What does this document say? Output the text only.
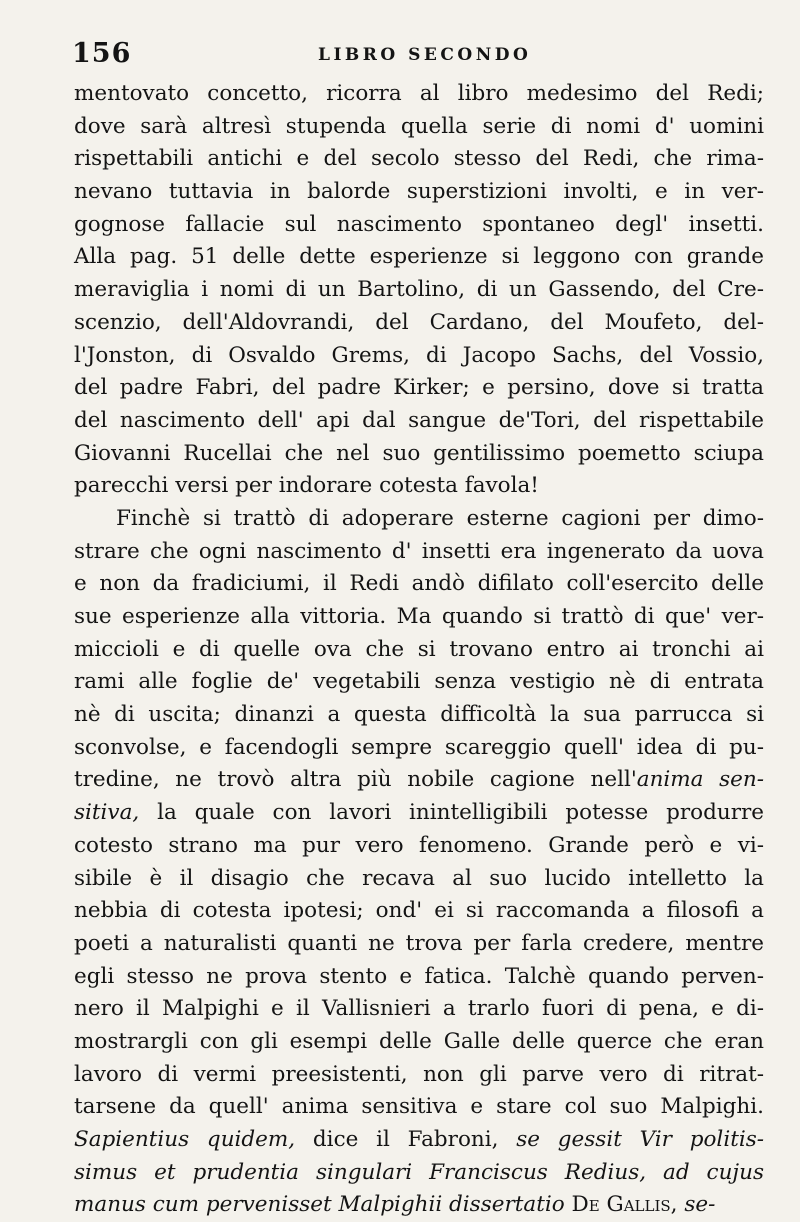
156	LIBRO SECONDO
mentovato concetto, ricorra al libro medesimo del Redi;
dove sarà altresì stupenda quella serie di nomi d' uomini
rispettabili antichi e del secolo stesso del Redi, che rima-
nevano tuttavia in balorde superstizioni involti, e in ver-
gognose fallacie sul nascimento spontaneo degl' insetti.
Alla pag. 51 delle dette esperienze si leggono con grande
meraviglia i nomi di un Bartolino, di un Gassendo, del Cre-
scenzio, dell'Aldovrandi, del Cardano, del Moufeto, del-
l'Jonston, di Osvaldo Grems, di Jacopo Sachs, del Vossio,
del padre Fabri, del padre Kirker; e persino, dove si tratta
del nascimento dell' api dal sangue de'Tori, del rispettabile
Giovanni Rucellai che nel suo gentilissimo poemetto sciupa
parecchi versi per indorare cotesta favola!
Finchè si trattò di adoperare esterne cagioni per dimo-
strare che ogni nascimento d' insetti era ingenerato da uova
e non da fradiciumi, il Redi andò difilato coll'esercito delle
sue esperienze alla vittoria. Ma quando si trattò di que' ver-
miccioli e di quelle ova che si trovano entro ai tronchi ai
rami alle foglie de' vegetabili senza vestigio nè di entrata
nè di uscita; dinanzi a questa difficoltà la sua parrucca si
sconvolse, e facendogli sempre scareggio quell' idea di pu-
tredine, ne trovò altra più nobile cagione nell'anima sen-
sitiva, la quale con lavori inintelligibili potesse produrre
cotesto strano ma pur vero fenomeno. Grande però e vi-
sibile è il disagio che recava al suo lucido intelletto la
nebbia di cotesta ipotesi; ond' ei si raccomanda a filosofi a
poeti a naturalisti quanti ne trova per farla credere, mentre
egli stesso ne prova stento e fatica. Talchè quando perven-
nero il Malpighi e il Vallisnieri a trarlo fuori di pena, e di-
mostrargli con gli esempi delle Galle delle querce che eran
lavoro di vermi preesistenti, non gli parve vero di ritrat-
tarsene da quell' anima sensitiva e stare col suo Malpighi.
Sapientius quidem, dice il Fabroni, se gessit Vir politis-
simus et prudentia singulari Franciscus Redius, ad cujus
manus cum pervenisset Malpighii dissertatio De Gallis, se-
